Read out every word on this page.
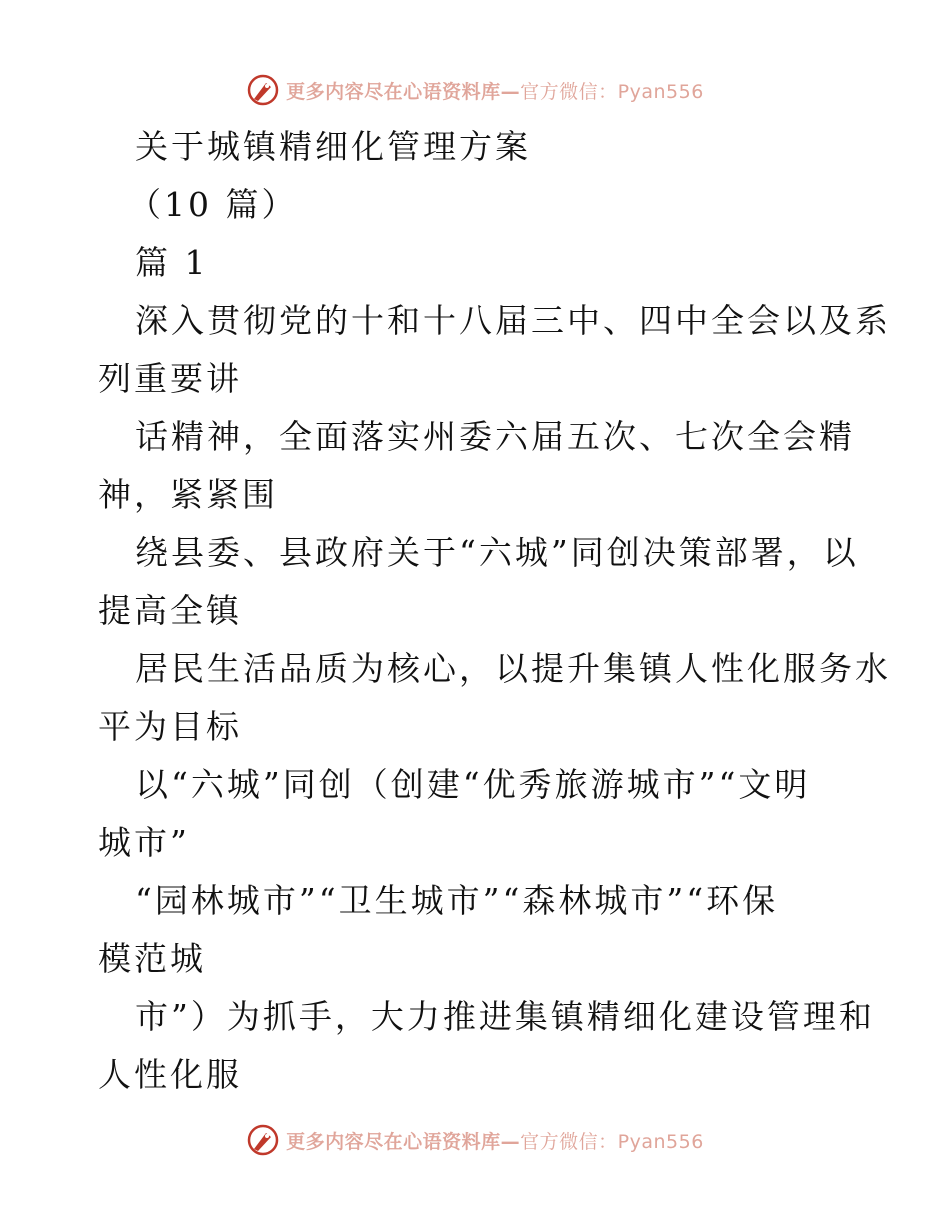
更多内容尽在心语资料库—官方微信：Pyan556
关于城镇精细化管理方案
（10 篇）
篇 1
深入贯彻党的十和十八届三中、四中全会以及系
列重要讲
话精神，全面落实州委六届五次、七次全会精
神，紧紧围
绕县委、县政府关于“六城”同创决策部署，以
提高全镇
居民生活品质为核心，以提升集镇人性化服务水
平为目标
以“六城”同创（创建“优秀旅游城市”“文明
城市”
“园林城市”“卫生城市”“森林城市”“环保
模范城
市”）为抓手，大力推进集镇精细化建设管理和
人性化服
更多内容尽在心语资料库—官方微信：Pyan556
